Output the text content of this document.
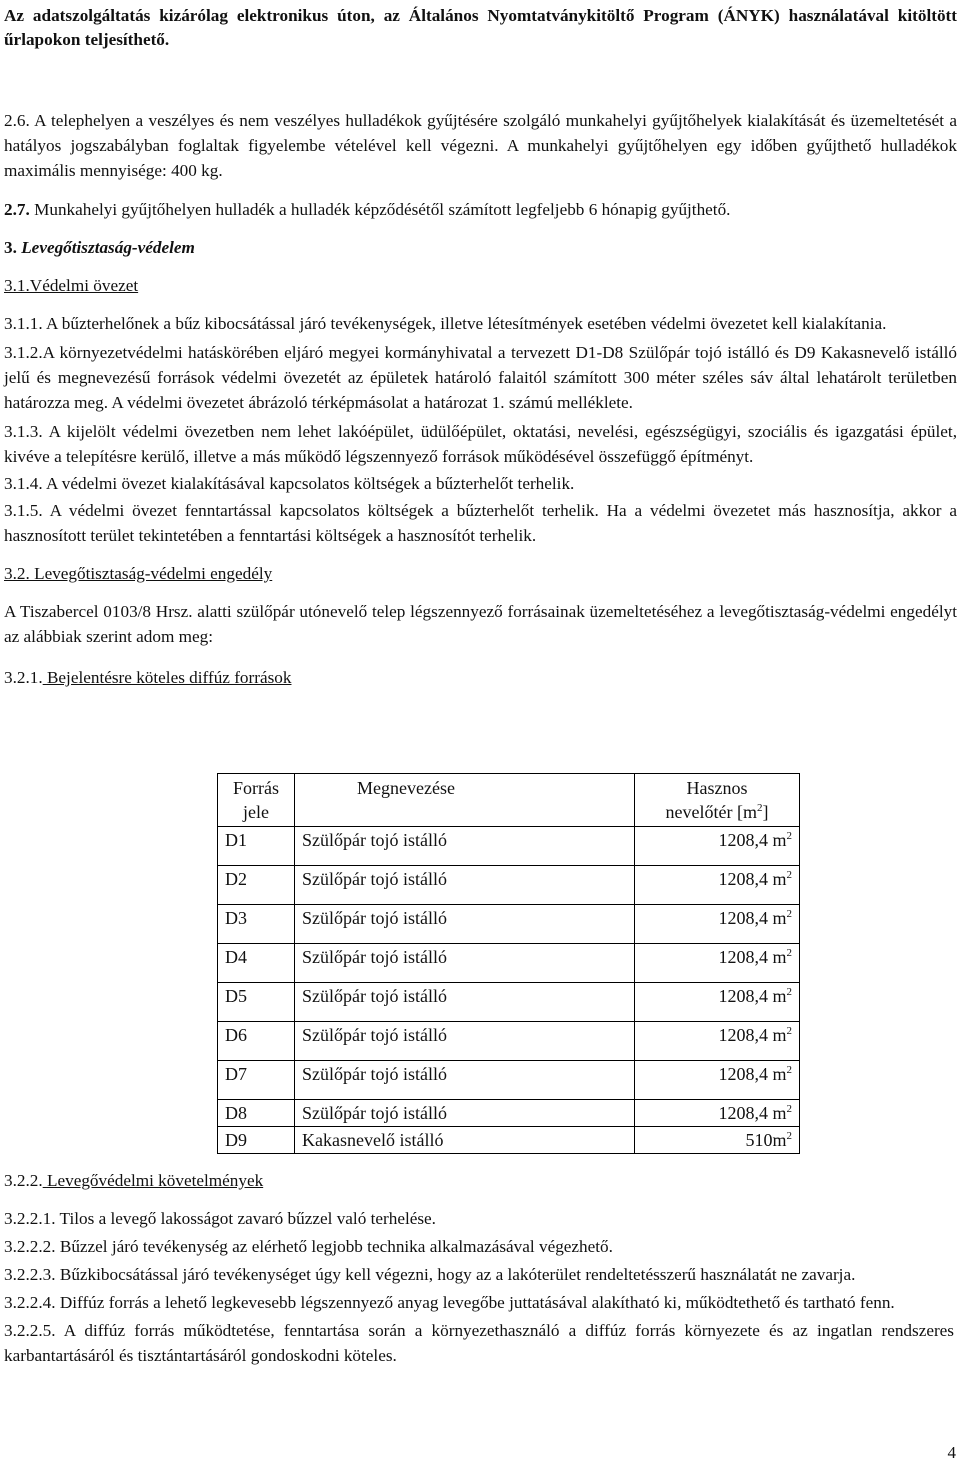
Az adatszolgáltatás kizárólag elektronikus úton, az Általános Nyomtatványkitöltő Program (ÁNYK) használatával kitöltött űrlapokon teljesíthető.

2.6. A telephelyen a veszélyes és nem veszélyes hulladékok gyűjtésére szolgáló munkahelyi gyűjtőhelyek kialakítását és üzemeltetését a hatályos jogszabályban foglaltak figyelembe vételével kell végezni. A munkahelyi gyűjtőhelyen egy időben gyűjthető hulladékok maximális mennyisége: 400 kg.

2.7. Munkahelyi gyűjtőhelyen hulladék a hulladék képződésétől számított legfeljebb 6 hónapig gyűjthető.

3. Levegőtisztaság-védelem

3.1.Védelmi övezet

3.1.1. A bűzterhelőnek a bűz kibocsátással járó tevékenységek, illetve létesítmények esetében védelmi övezetet kell kialakítania.

3.1.2.A környezetvédelmi hatáskörében eljáró megyei kormányhivatal a tervezett D1-D8 Szülőpár tojó istálló és D9 Kakasnevelő istálló jelű és megnevezésű források védelmi övezetét az épületek határoló falaitól számított 300 méter széles sáv által lehatárolt területben határozza meg. A védelmi övezetet ábrázoló térképmásolat a határozat 1. számú melléklete.

3.1.3. A kijelölt védelmi övezetben nem lehet lakóépület, üdülőépület, oktatási, nevelési, egészségügyi, szociális és igazgatási épület, kivéve a telepítésre kerülő, illetve a más működő légszennyező források működésével összefüggő építményt.

3.1.4. A védelmi övezet kialakításával kapcsolatos költségek a bűzterhelőt terhelik.

3.1.5. A védelmi övezet fenntartással kapcsolatos költségek a bűzterhelőt terhelik. Ha a védelmi övezetet más hasznosítja, akkor a hasznosított terület tekintetében a fenntartási költségek a hasznosítót terhelik.

3.2. Levegőtisztaság-védelmi engedély

A Tiszabercel 0103/8 Hrsz. alatti szülőpár utónevelő telep légszennyező forrásainak üzemeltetéséhez a levegőtisztaság-védelmi engedélyt az alábbiak szerint adom meg:

3.2.1. Bejelentésre köteles diffúz források

Forrás
jele	Megnevezése	Hasznos
nevelőtér $[m^2]$
D1	Szülőpár tojó istálló	1208,4 $m^2$
D2	Szülőpár tojó istálló	1208,4 $m^2$
D3	Szülőpár tojó istálló	1208,4 $m^2$
D4	Szülőpár tojó istálló	1208,4 $m^2$
D5	Szülőpár tojó istálló	1208,4 $m^2$
D6	Szülőpár tojó istálló	1208,4 $m^2$
D7	Szülőpár tojó istálló	1208,4 $m^2$
D8	Szülőpár tojó istálló	1208,4 $m^2$
D9	Kakasnevelő istálló	$510m^2$

3.2.2. Levegővédelmi követelmények

3.2.2.1. Tilos a levegő lakosságot zavaró bűzzel való terhelése.

3.2.2.2. Bűzzel járó tevékenység az elérhető legjobb technika alkalmazásával végezhető.

3.2.2.3. Bűzkibocsátással járó tevékenységet úgy kell végezni, hogy az a lakóterület rendeltetésszerű használatát ne zavarja.

3.2.2.4. Diffúz forrás a lehető legkevesebb légszennyező anyag levegőbe juttatásával alakítható ki, működtethető és tartható fenn.

3.2.2.5. A diffúz forrás működtetése, fenntartása során a környezethasználó a diffúz forrás környezete és az ingatlan rendszeres karbantartásáról és tisztántartásáról gondoskodni köteles.

4
